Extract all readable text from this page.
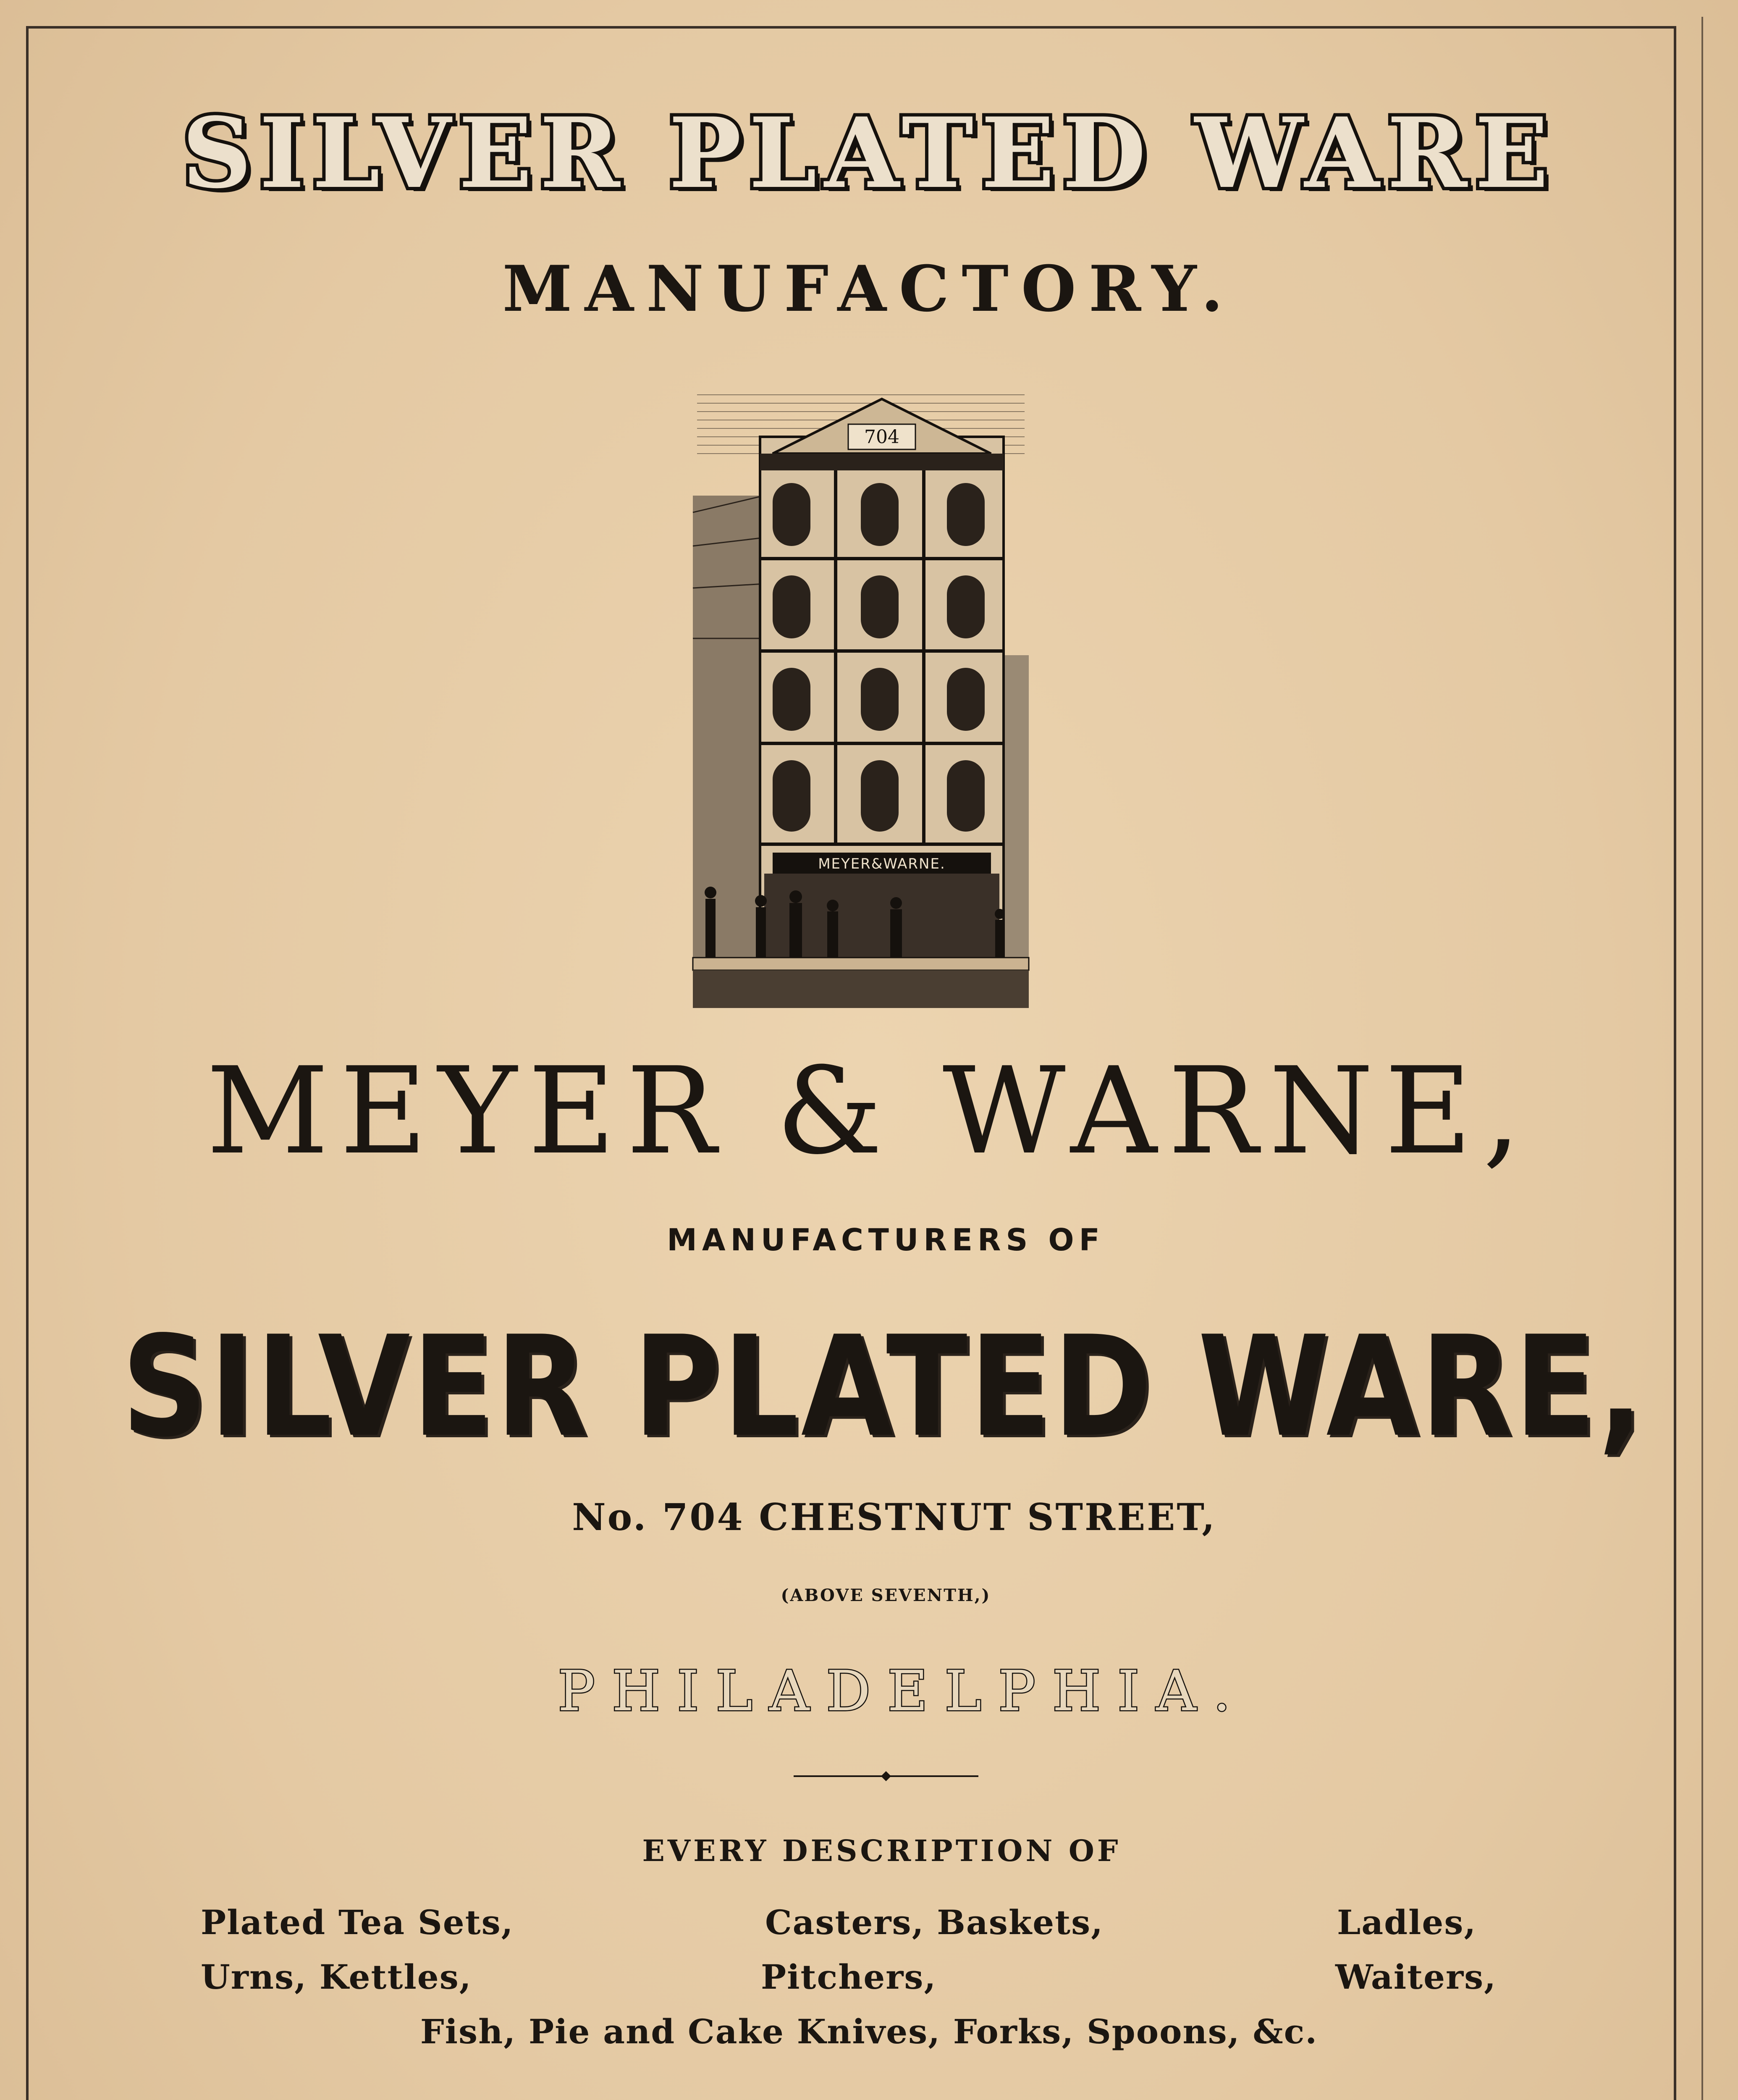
SILVER PLATED WARE
MANUFACTORY.
704
MEYER&WARNE.
MEYER & WARNE,
MANUFACTURERS OF
SILVER PLATED WARE,
No. 704 CHESTNUT STREET,
(ABOVE SEVENTH,)
PHILADELPHIA.
EVERY DESCRIPTION OF
Plated Tea Sets,	Casters, Baskets,	Ladles,
Urns, Kettles,	Pitchers,	Waiters,
Fish, Pie and Cake Knives, Forks, Spoons, &c.
